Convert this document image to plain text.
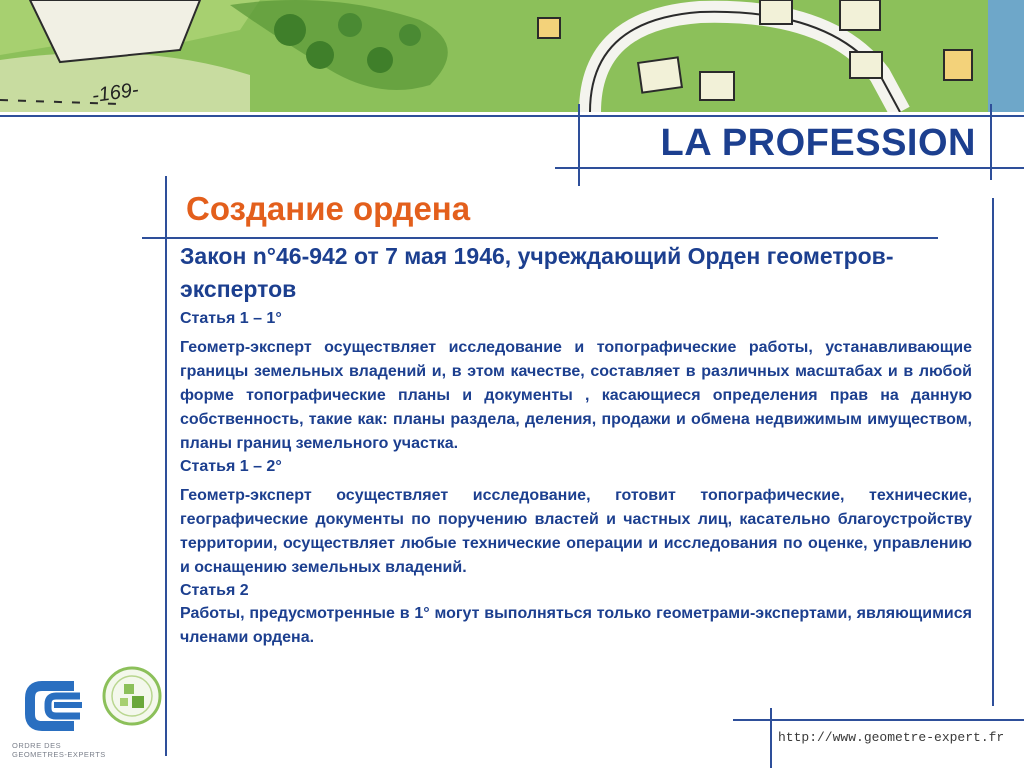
-169-
LA PROFESSION
Создание ордена
Закон n°46-942 от 7 мая 1946, учреждающий Орден геометров-экспертов
Статья 1 – 1°
Геометр-эксперт осуществляет исследование и топографические работы, устанавливающие границы земельных владений и, в этом качестве, составляет в различных масштабах и в любой форме топографические планы и документы , касающиеся определения прав на данную собственность, такие как: планы раздела, деления, продажи и обмена недвижимым имуществом, планы границ земельного участка.
Статья 1 – 2°
Геометр-эксперт осуществляет исследование, готовит топографические, технические, географические документы по поручению властей и частных лиц, касательно благоустройству территории, осуществляет любые технические операции и исследования по оценке, управлению и оснащению земельных владений.
Статья 2
Работы, предусмотренные в 1° могут выполняться только геометрами-экспертами, являющимися членами ордена.
ORDRE DES
GEOMETRES-EXPERTS
http://www.geometre-expert.fr
